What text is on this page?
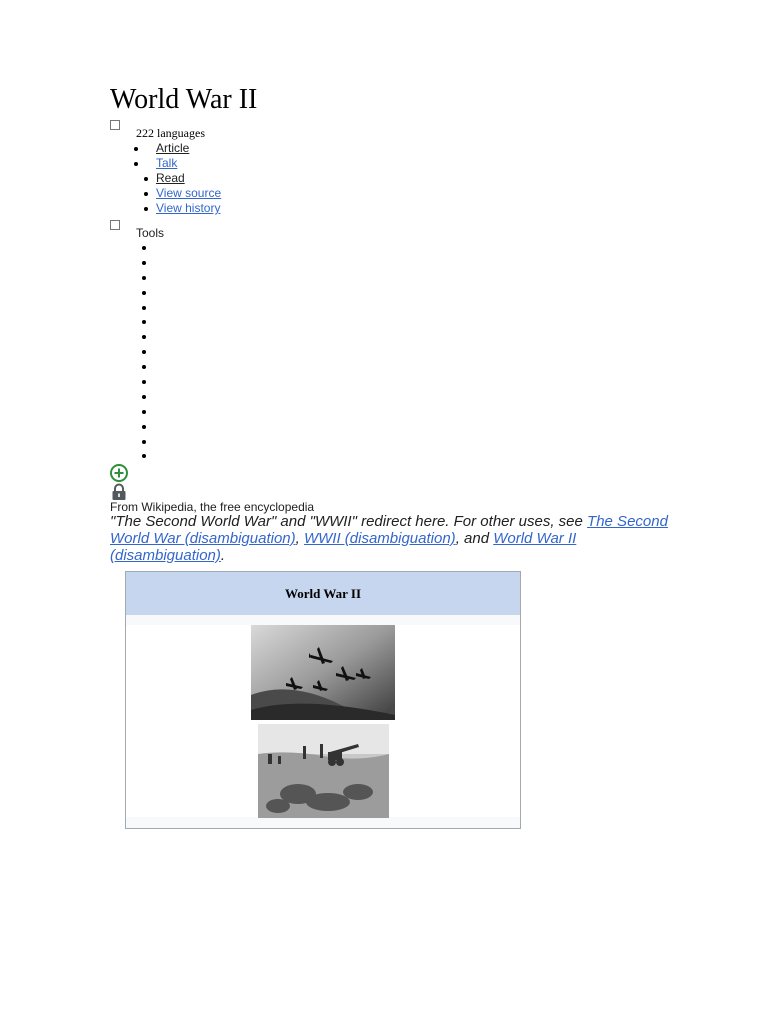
World War II
222 languages
Article
Talk
Read
View source
View history
Tools
From Wikipedia, the free encyclopedia
"The Second World War" and "WWII" redirect here. For other uses, see The Second World War (disambiguation), WWII (disambiguation), and World War II (disambiguation).
World War II
